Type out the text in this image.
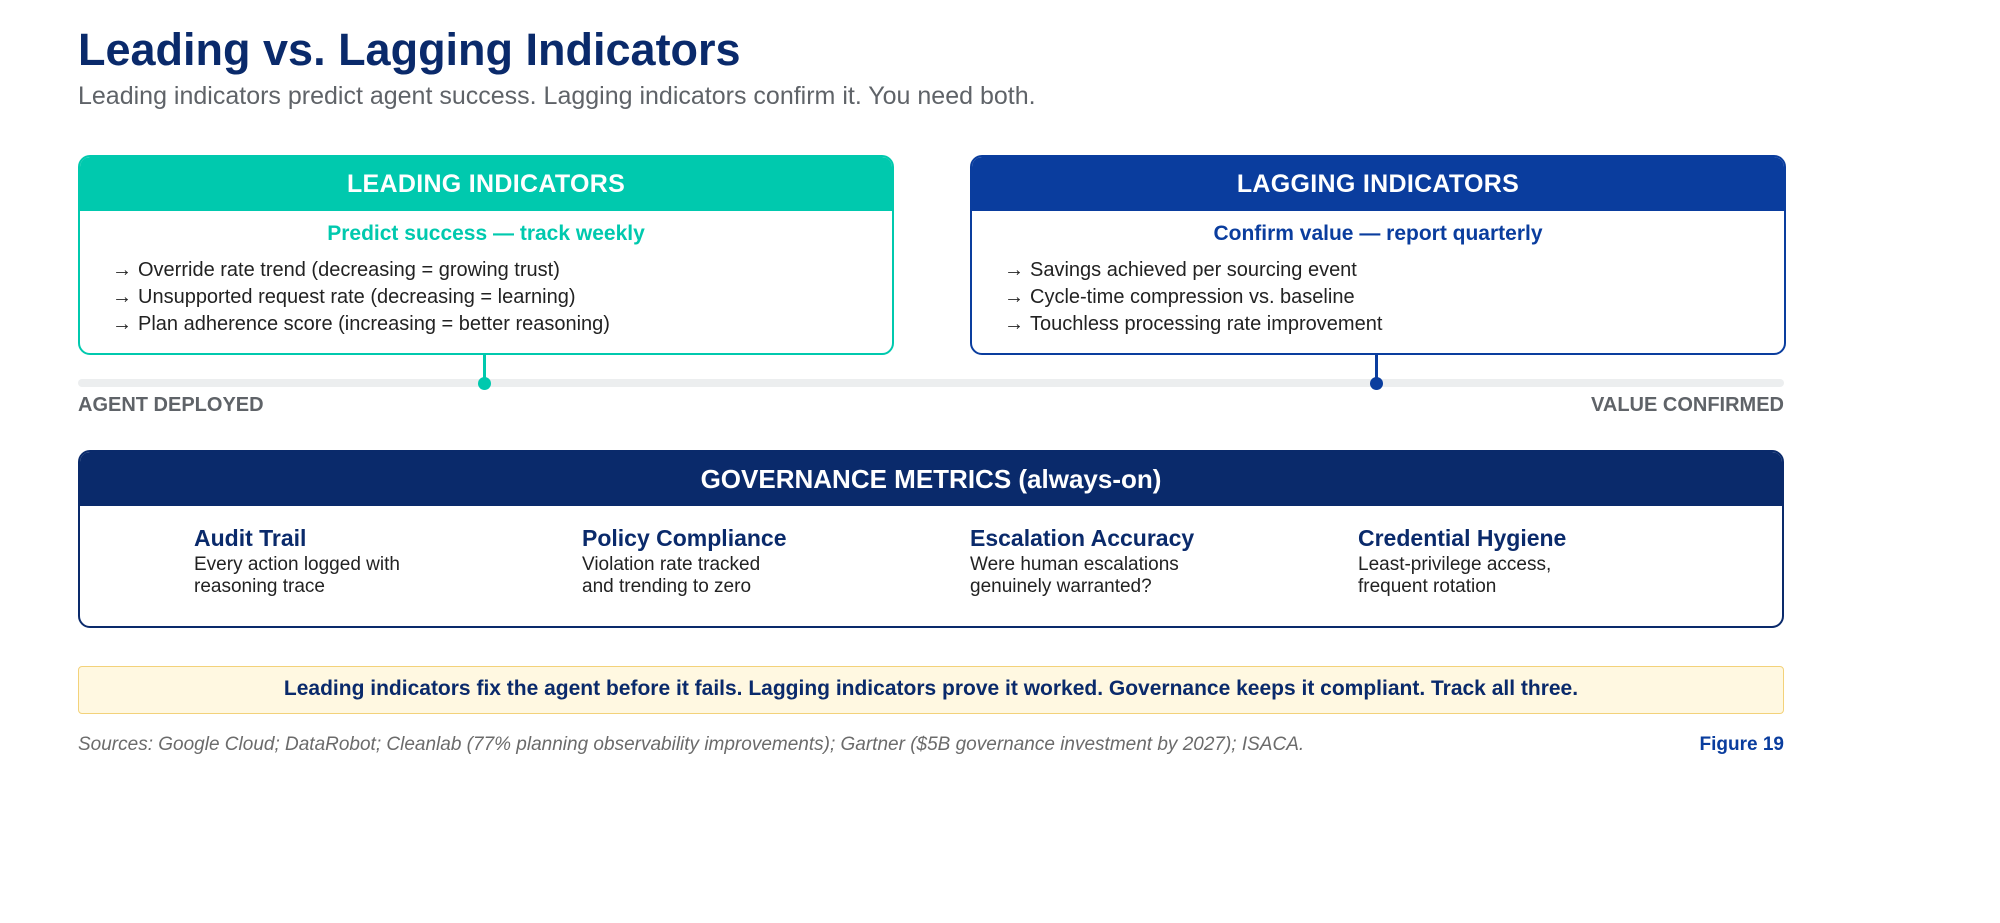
Leading vs. Lagging Indicators
Leading indicators predict agent success. Lagging indicators confirm it. You need both.
LEADING INDICATORS
Predict success — track weekly
→ Override rate trend (decreasing = growing trust)
→ Unsupported request rate (decreasing = learning)
→ Plan adherence score (increasing = better reasoning)
LAGGING INDICATORS
Confirm value — report quarterly
→ Savings achieved per sourcing event
→ Cycle-time compression vs. baseline
→ Touchless processing rate improvement
AGENT DEPLOYED	VALUE CONFIRMED
GOVERNANCE METRICS (always-on)
Audit Trail
Every action logged with reasoning trace
Policy Compliance
Violation rate tracked and trending to zero
Escalation Accuracy
Were human escalations genuinely warranted?
Credential Hygiene
Least-privilege access, frequent rotation
Leading indicators fix the agent before it fails. Lagging indicators prove it worked. Governance keeps it compliant. Track all three.
Sources: Google Cloud; DataRobot; Cleanlab (77% planning observability improvements); Gartner ($5B governance investment by 2027); ISACA.	Figure 19
